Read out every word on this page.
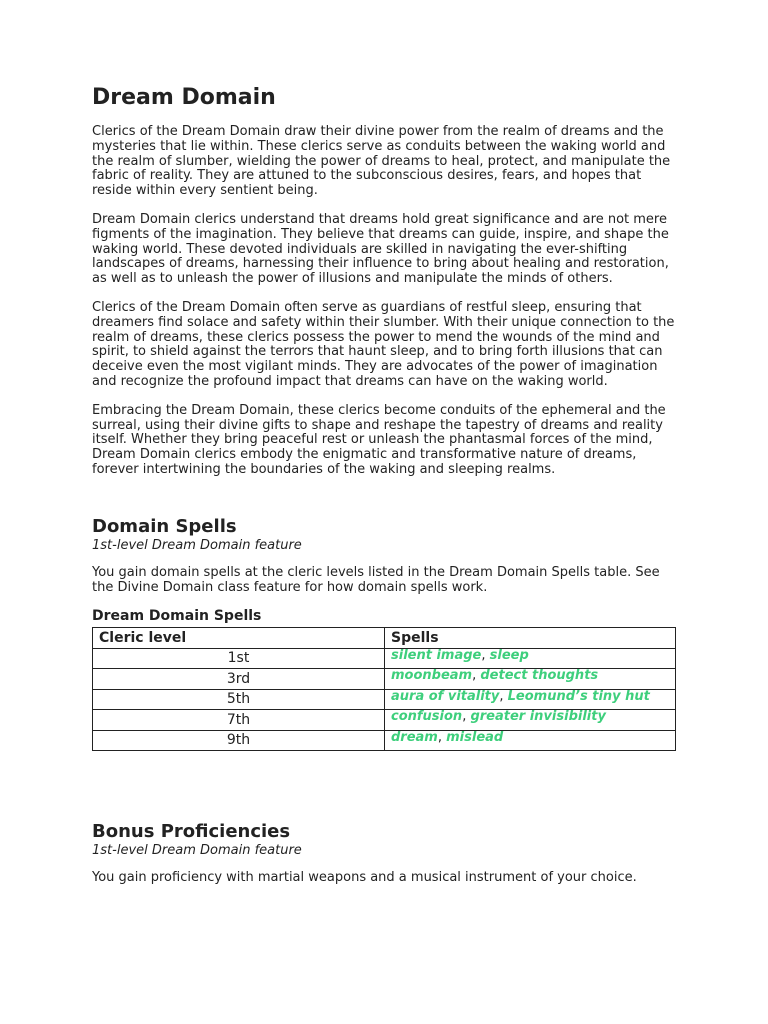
Dream Domain

Clerics of the Dream Domain draw their divine power from the realm of dreams and the mysteries that lie within. These clerics serve as conduits between the waking world and the realm of slumber, wielding the power of dreams to heal, protect, and manipulate the fabric of reality. They are attuned to the subconscious desires, fears, and hopes that reside within every sentient being.

Dream Domain clerics understand that dreams hold great significance and are not mere figments of the imagination. They believe that dreams can guide, inspire, and shape the waking world. These devoted individuals are skilled in navigating the ever-shifting landscapes of dreams, harnessing their influence to bring about healing and restoration, as well as to unleash the power of illusions and manipulate the minds of others.

Clerics of the Dream Domain often serve as guardians of restful sleep, ensuring that dreamers find solace and safety within their slumber. With their unique connection to the realm of dreams, these clerics possess the power to mend the wounds of the mind and spirit, to shield against the terrors that haunt sleep, and to bring forth illusions that can deceive even the most vigilant minds. They are advocates of the power of imagination and recognize the profound impact that dreams can have on the waking world.

Embracing the Dream Domain, these clerics become conduits of the ephemeral and the surreal, using their divine gifts to shape and reshape the tapestry of dreams and reality itself. Whether they bring peaceful rest or unleash the phantasmal forces of the mind, Dream Domain clerics embody the enigmatic and transformative nature of dreams, forever intertwining the boundaries of the waking and sleeping realms.

Domain Spells
1st-level Dream Domain feature

You gain domain spells at the cleric levels listed in the Dream Domain Spells table. See the Divine Domain class feature for how domain spells work.

Dream Domain Spells
Cleric level	Spells
1st	silent image, sleep
3rd	moonbeam, detect thoughts
5th	aura of vitality, Leomund’s tiny hut
7th	confusion, greater invisibility
9th	dream, mislead
Bonus Proficiencies
1st-level Dream Domain feature

You gain proficiency with martial weapons and a musical instrument of your choice.
